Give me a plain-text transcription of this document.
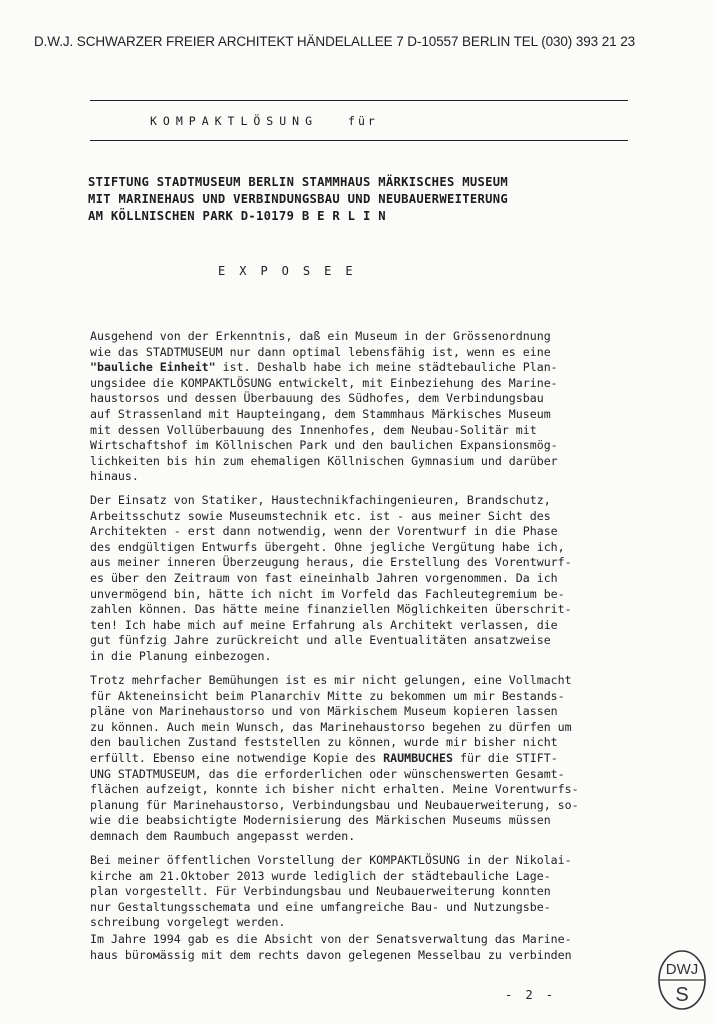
D.W.J. SCHWARZER FREIER ARCHITEKT HÄNDELALLEE 7 D-10557 BERLIN TEL (030) 393 21 23
KOMPAKTLÖSUNG	für
STIFTUNG STADTMUSEUM BERLIN STAMMHAUS MÄRKISCHES MUSEUM
MIT MARINEHAUS UND VERBINDUNGSBAU UND NEUBAUERWEITERUNG
AM KÖLLNISCHEN PARK D-10179 B E R L I N
EXPOSEE
Ausgehend von der Erkenntnis, daß ein Museum in der Grössenordnung
wie das STADTMUSEUM nur dann optimal lebensfähig ist, wenn es eine
"bauliche Einheit" ist. Deshalb habe ich meine städtebauliche Plan-
ungsidee die KOMPAKTLÖSUNG entwickelt, mit Einbeziehung des Marine-
haustorsos und dessen Überbauung des Südhofes, dem Verbindungsbau
auf Strassenland mit Haupteingang, dem Stammhaus Märkisches Museum
mit dessen Vollüberbauung des Innenhofes, dem Neubau-Solitär mit
Wirtschaftshof im Köllnischen Park und den baulichen Expansionsmög-
lichkeiten bis hin zum ehemaligen Köllnischen Gymnasium und darüber
hinaus.
Der Einsatz von Statiker, Haustechnikfachingenieuren, Brandschutz,
Arbeitsschutz sowie Museumstechnik etc. ist - aus meiner Sicht des
Architekten - erst dann notwendig, wenn der Vorentwurf in die Phase
des endgültigen Entwurfs übergeht. Ohne jegliche Vergütung habe ich,
aus meiner inneren Überzeugung heraus, die Erstellung des Vorentwurf-
es über den Zeitraum von fast eineinhalb Jahren vorgenommen. Da ich
unvermögend bin, hätte ich nicht im Vorfeld das Fachleutegremium be-
zahlen können. Das hätte meine finanziellen Möglichkeiten überschrit-
ten! Ich habe mich auf meine Erfahrung als Architekt verlassen, die
gut fünfzig Jahre zurückreicht und alle Eventualitäten ansatzweise
in die Planung einbezogen.
Trotz mehrfacher Bemühungen ist es mir nicht gelungen, eine Vollmacht
für Akteneinsicht beim Planarchiv Mitte zu bekommen um mir Bestands-
pläne von Marinehaustorso und von Märkischem Museum kopieren lassen
zu können. Auch mein Wunsch, das Marinehaustorso begehen zu dürfen um
den baulichen Zustand feststellen zu können, wurde mir bisher nicht
erfüllt. Ebenso eine notwendige Kopie des RAUMBUCHES für die STIFT-
UNG STADTMUSEUM, das die erforderlichen oder wünschenswerten Gesamt-
flächen aufzeigt, konnte ich bisher nicht erhalten. Meine Vorentwurfs-
planung für Marinehaustorso, Verbindungsbau und Neubauerweiterung, so-
wie die beabsichtigte Modernisierung des Märkischen Museums müssen
demnach dem Raumbuch angepasst werden.
Bei meiner öffentlichen Vorstellung der KOMPAKTLÖSUNG in der Nikolai-
kirche am 21.Oktober 2013 wurde lediglich der städtebauliche Lage-
plan vorgestellt. Für Verbindungsbau und Neubauerweiterung konnten
nur Gestaltungsschemata und eine umfangreiche Bau- und Nutzungsbe-
schreibung vorgelegt werden.
Im Jahre 1994 gab es die Absicht von der Senatsverwaltung das Marine-
haus bürомässig mit dem rechts davon gelegenen Messelbau zu verbinden
- 2 -
DWJ
S
